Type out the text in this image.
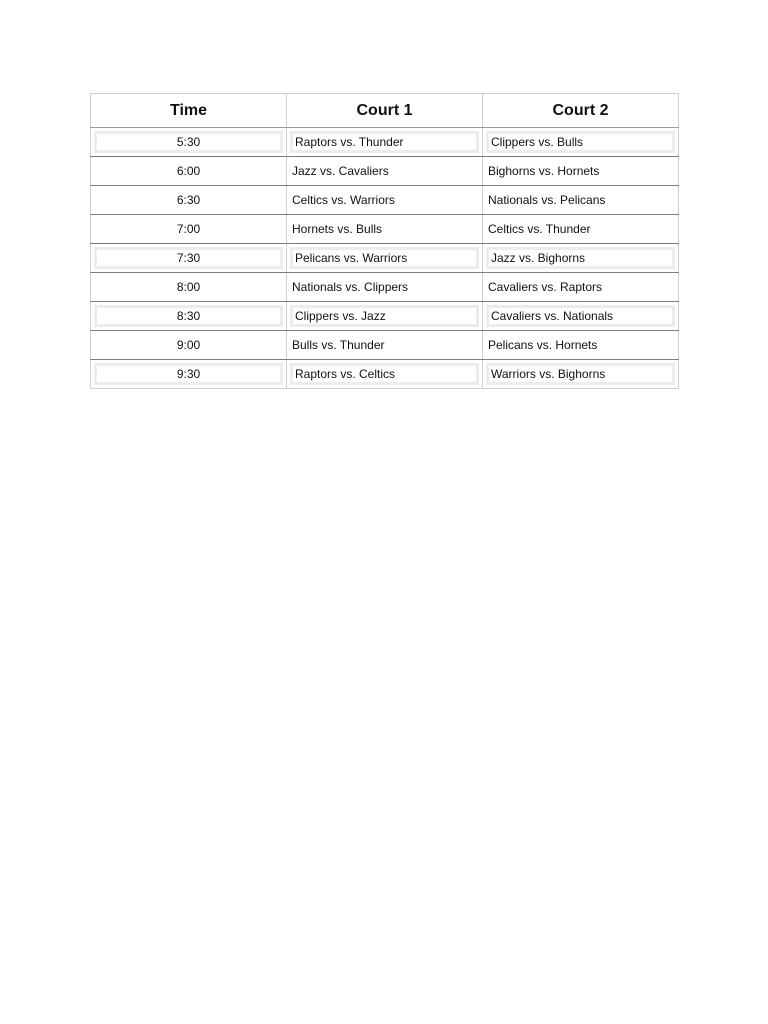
Time	Court 1	Court 2

5:30	Raptors vs. Thunder	Clippers vs. Bulls

6:00	Jazz vs. Cavaliers	Bighorns vs. Hornets

6:30	Celtics vs. Warriors	Nationals vs. Pelicans

7:00	Hornets vs. Bulls	Celtics vs. Thunder

7:30	Pelicans vs. Warriors	Jazz vs. Bighorns

8:00	Nationals vs. Clippers	Cavaliers vs. Raptors

8:30	Clippers vs. Jazz	Cavaliers vs. Nationals

9:00	Bulls vs. Thunder	Pelicans vs. Hornets

9:30	Raptors vs. Celtics	Warriors vs. Bighorns
